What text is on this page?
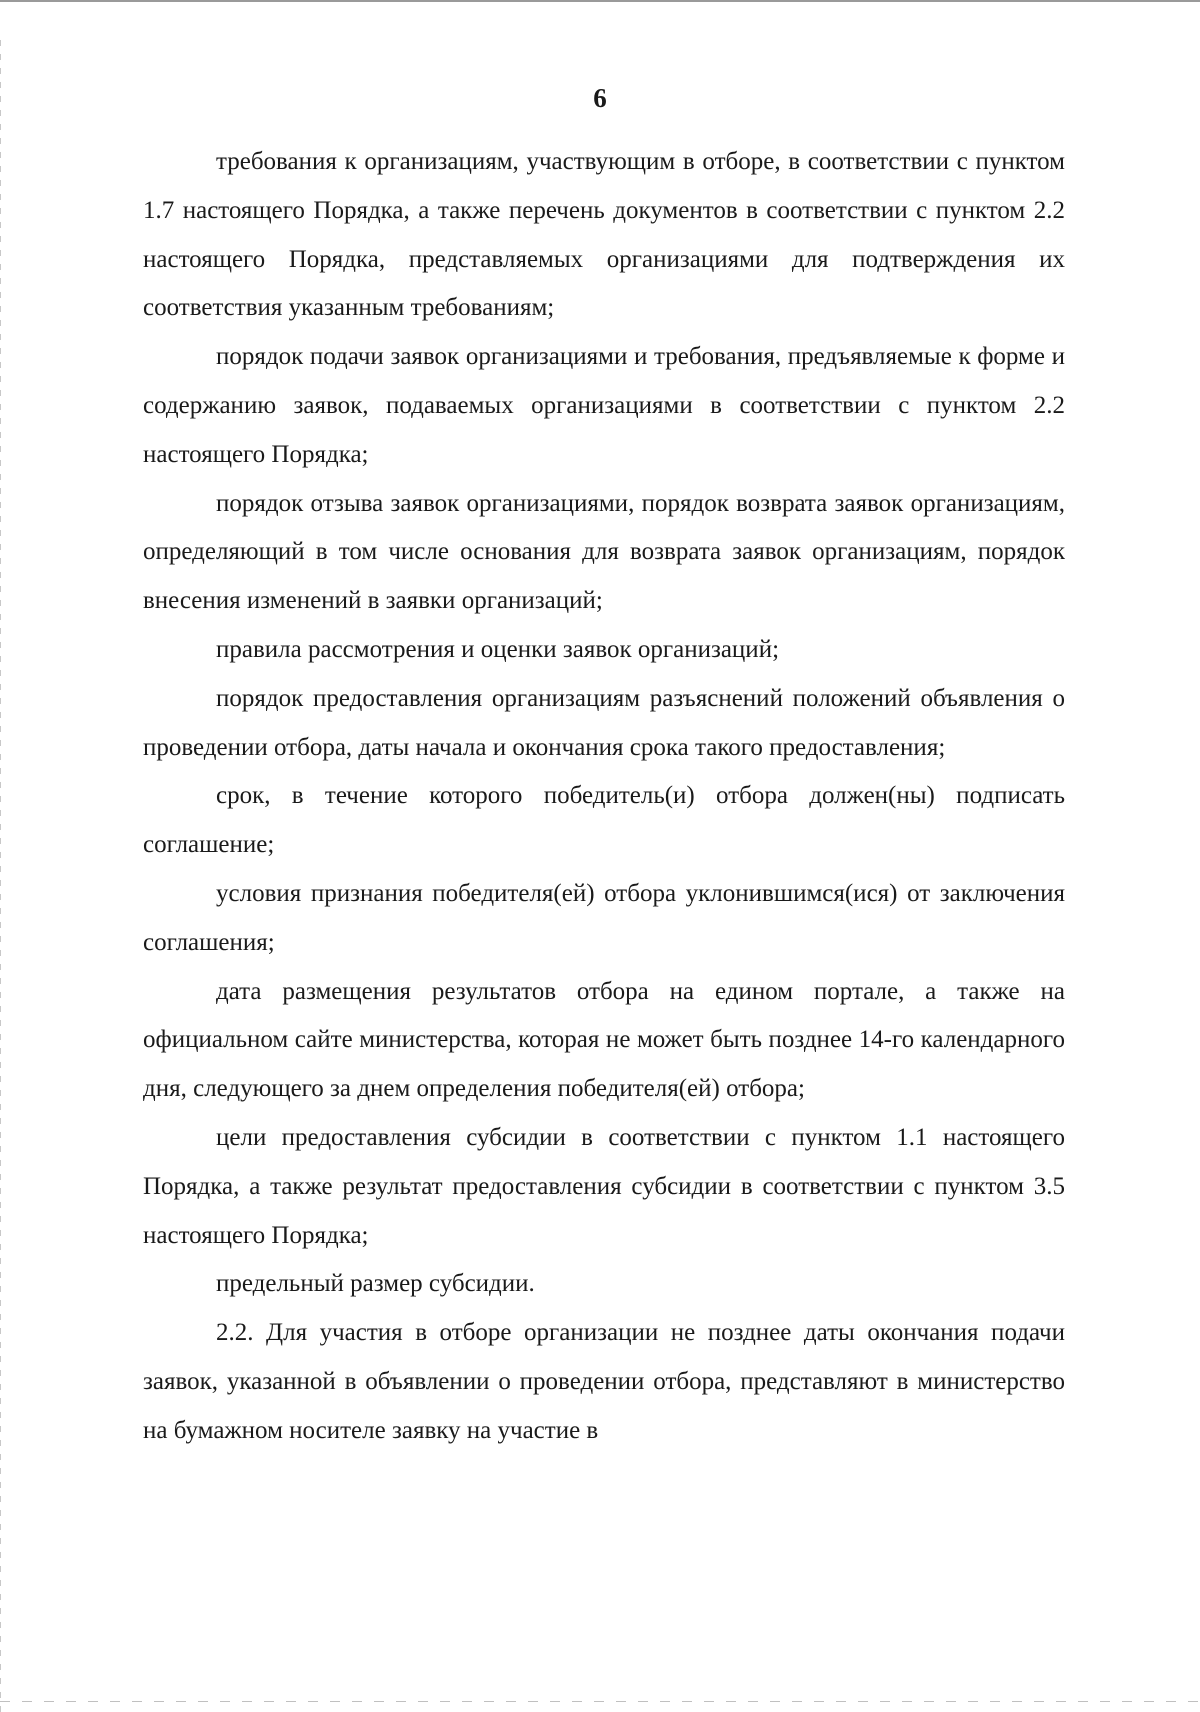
6

требования к организациям, участвующим в отборе, в соответствии с пунктом 1.7 настоящего Порядка, а также перечень документов в соответствии с пунктом 2.2 настоящего Порядка, представляемых организациями для подтверждения их соответствия указанным требованиям;

порядок подачи заявок организациями и требования, предъявляемые к форме и содержанию заявок, подаваемых организациями в соответствии с пунктом 2.2 настоящего Порядка;

порядок отзыва заявок организациями, порядок возврата заявок организациям, определяющий в том числе основания для возврата заявок организациям, порядок внесения изменений в заявки организаций;

правила рассмотрения и оценки заявок организаций;

порядок предоставления организациям разъяснений положений объявления о проведении отбора, даты начала и окончания срока такого предоставления;

срок, в течение которого победитель(и) отбора должен(ны) подписать соглашение;

условия признания победителя(ей) отбора уклонившимся(ися) от заключения соглашения;

дата размещения результатов отбора на едином портале, а также на официальном сайте министерства, которая не может быть позднее 14-го календарного дня, следующего за днем определения победителя(ей) отбора;

цели предоставления субсидии в соответствии с пунктом 1.1 настоящего Порядка, а также результат предоставления субсидии в соответствии с пунктом 3.5 настоящего Порядка;

предельный размер субсидии.

2.2. Для участия в отборе организации не позднее даты окончания подачи заявок, указанной в объявлении о проведении отбора, представляют в министерство на бумажном носителе заявку на участие в
